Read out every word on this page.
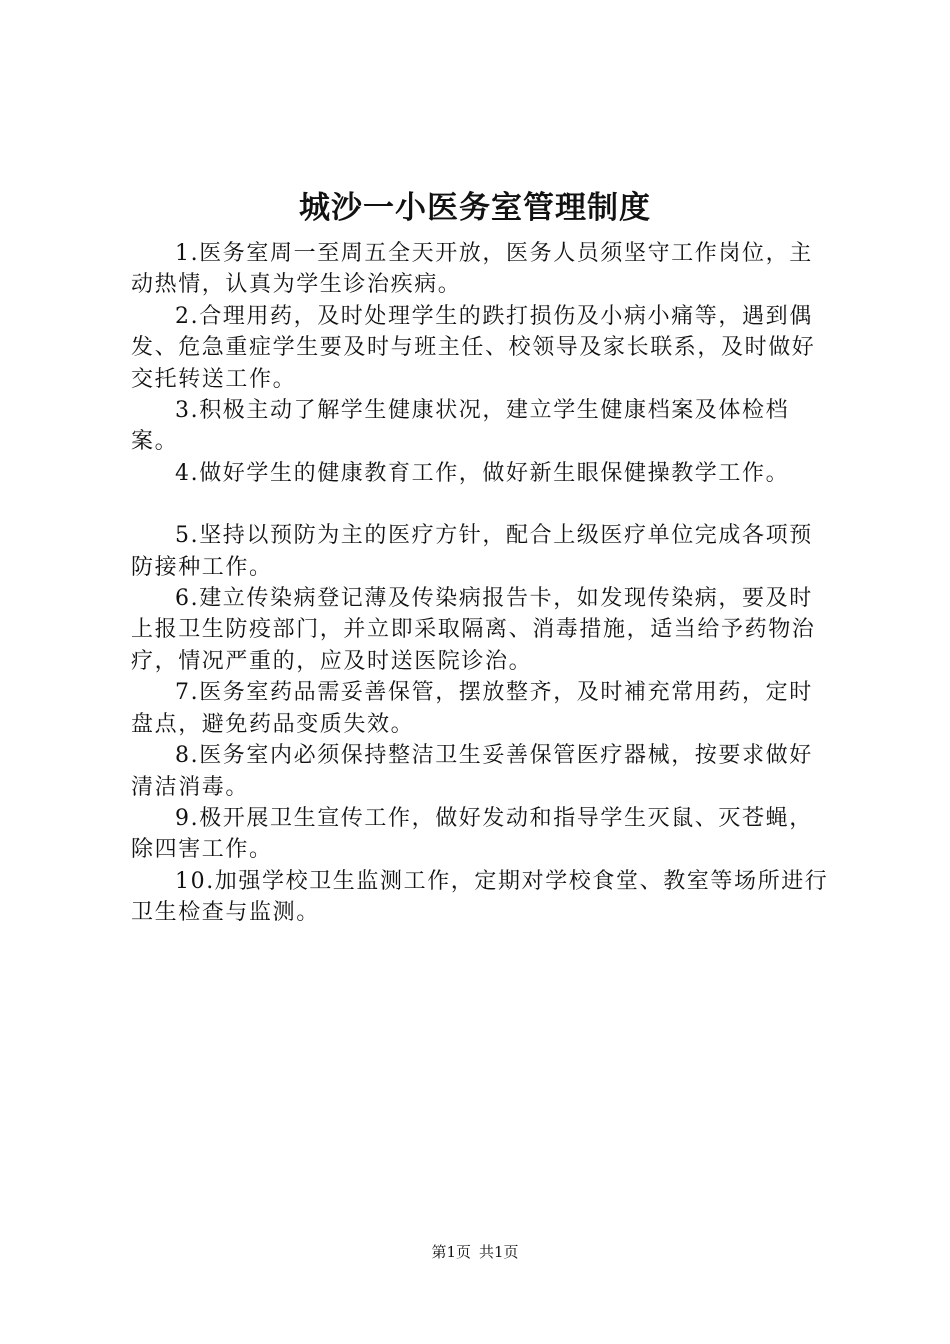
城沙一小医务室管理制度

1.医务室周一至周五全天开放，医务人员须坚守工作岗位，主动热情，认真为学生诊治疾病。

2.合理用药，及时处理学生的跌打损伤及小病小痛等，遇到偶发、危急重症学生要及时与班主任、校领导及家长联系，及时做好交托转送工作。

3.积极主动了解学生健康状况，建立学生健康档案及体检档案。

4.做好学生的健康教育工作，做好新生眼保健操教学工作。

5.坚持以预防为主的医疗方针，配合上级医疗单位完成各项预防接种工作。

6.建立传染病登记薄及传染病报告卡，如发现传染病，要及时上报卫生防疫部门，并立即采取隔离、消毒措施，适当给予药物治疗，情况严重的，应及时送医院诊治。

7.医务室药品需妥善保管，摆放整齐，及时補充常用药，定时盘点，避免药品变质失效。

8.医务室内必须保持整洁卫生妥善保管医疗器械，按要求做好清洁消毒。

9.极开展卫生宣传工作，做好发动和指导学生灭鼠、灭苍蝇，除四害工作。

10.加强学校卫生监测工作，定期对学校食堂、教室等场所进行卫生检查与监测。

第1页 共1页
